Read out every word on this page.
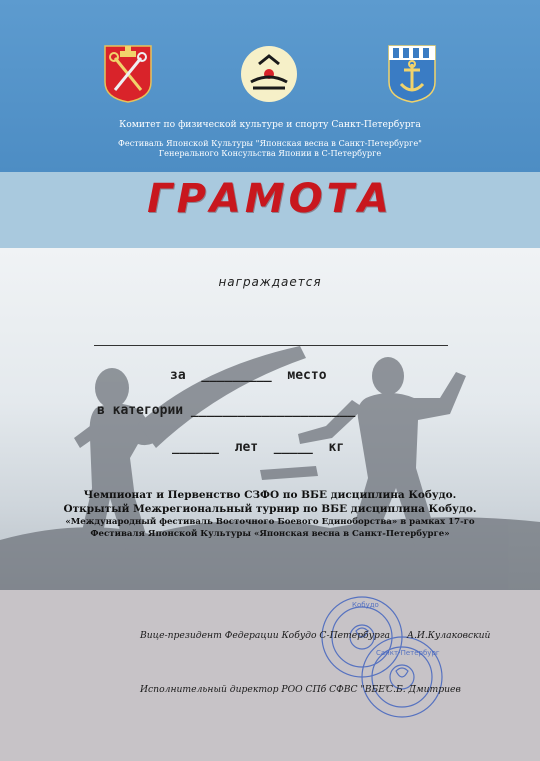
Комитет по физической культуре и спорту Санкт-Петербурга
Фестиваль Японской Культуры "Японская весна в Санкт-Петербурге"
Генерального Консульства Японии в С-Петербурге
ГРАМОТА
награждается
за  _________  место
в категории _____________________
______  лет  _____  кг
Чемпионат и Первенство СЗФО по ВБЕ дисциплина Кобудо.
Открытый Межрегиональный турнир по ВБЕ дисциплина Кобудо.
«Международный фестиваль Восточного Боевого Единоборства» в рамках 17-го
Фестиваля Японской Культуры «Японская весна в Санкт-Петербурге»
Кобудо
Санкт-Петербург
Вице-президент Федерации Кобудо С-Петербурга А.И.Кулаковский
Исполнительный директор РОО СПб СФВС "ВБЕ"
С.Б. Дмитриев
